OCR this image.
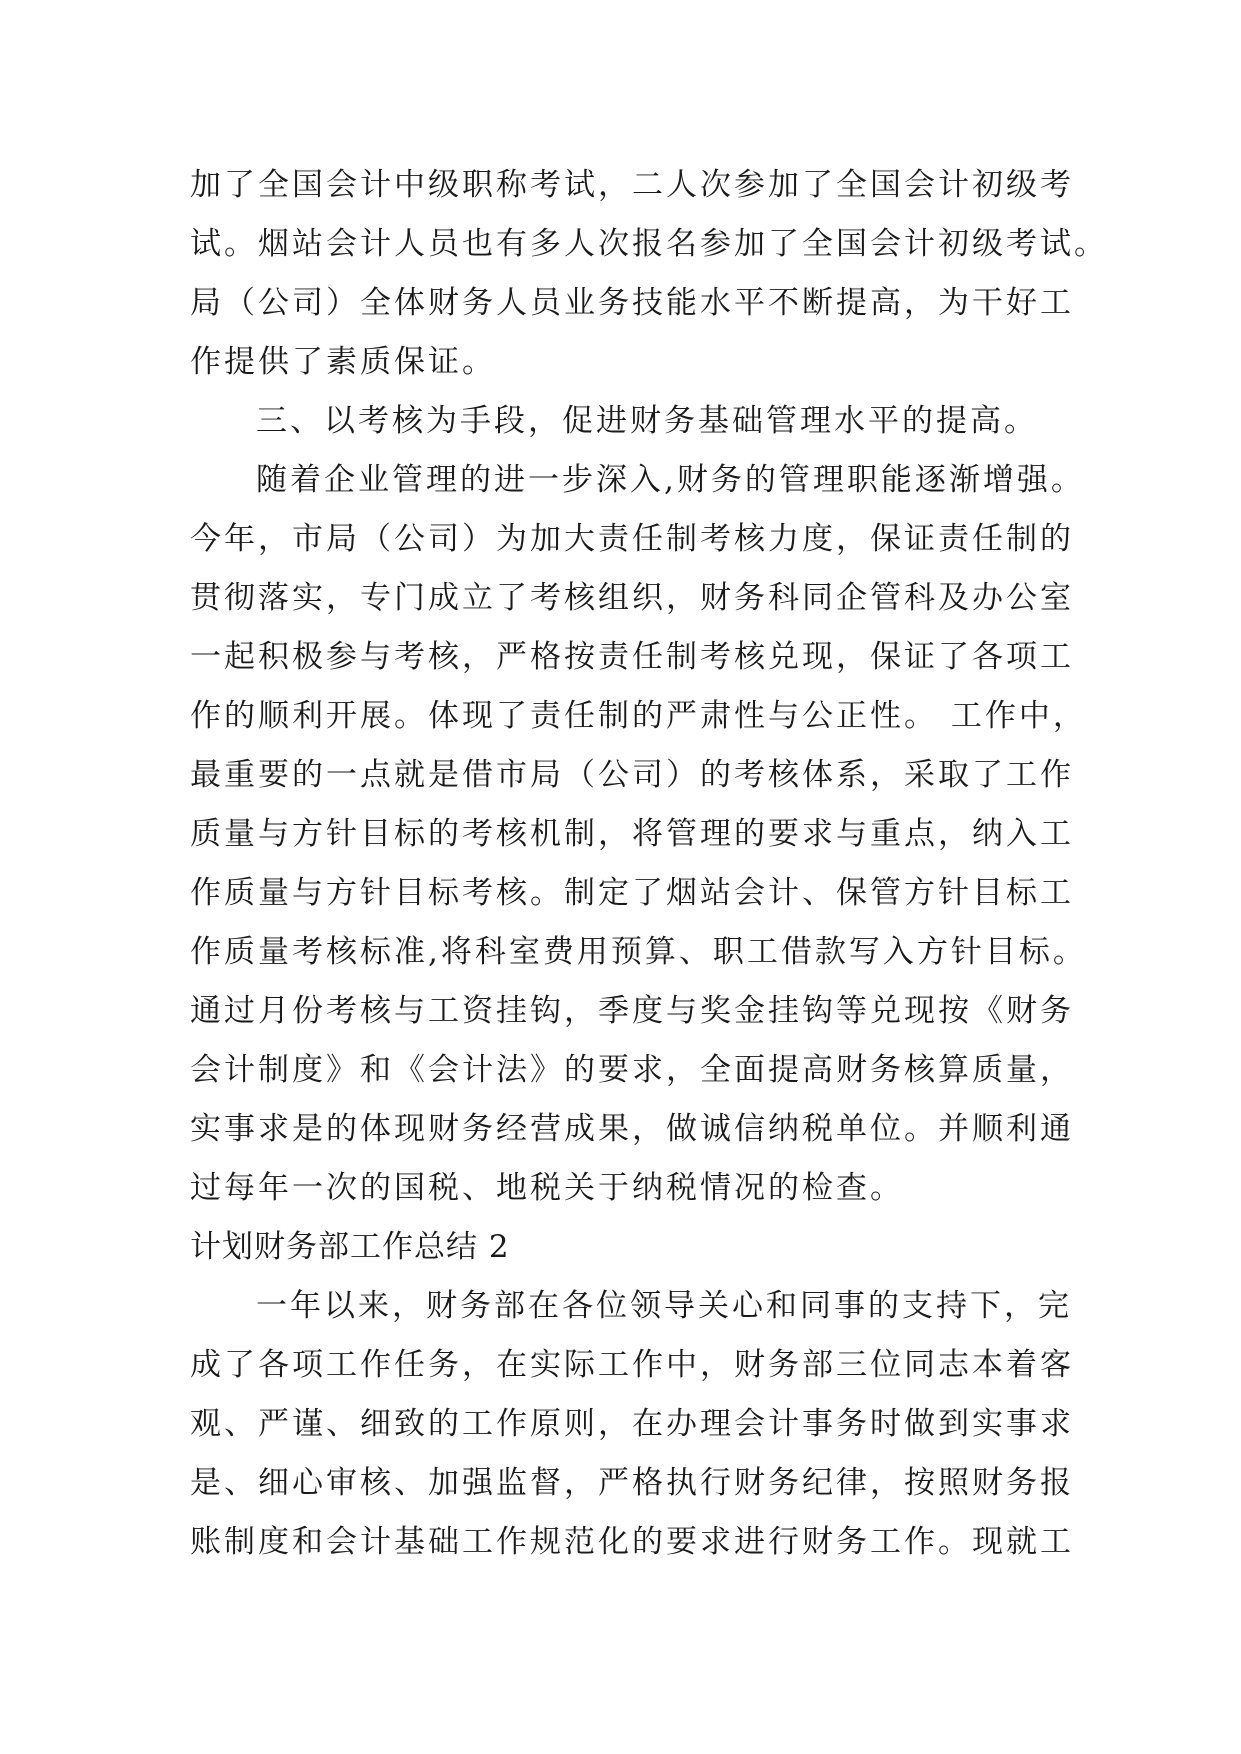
加了全国会计中级职称考试，二人次参加了全国会计初级考
试。烟站会计人员也有多人次报名参加了全国会计初级考试。
局（公司）全体财务人员业务技能水平不断提高，为干好工
作提供了素质保证。
三、以考核为手段，促进财务基础管理水平的提高。
随着企业管理的进一步深入,财务的管理职能逐渐增强。
今年，市局（公司）为加大责任制考核力度，保证责任制的
贯彻落实，专门成立了考核组织，财务科同企管科及办公室
一起积极参与考核，严格按责任制考核兑现，保证了各项工
作的顺利开展。体现了责任制的严肃性与公正性。 工作中，
最重要的一点就是借市局（公司）的考核体系，采取了工作
质量与方针目标的考核机制，将管理的要求与重点，纳入工
作质量与方针目标考核。制定了烟站会计、保管方针目标工
作质量考核标准,将科室费用预算、职工借款写入方针目标。
通过月份考核与工资挂钩，季度与奖金挂钩等兑现按《财务
会计制度》和《会计法》的要求，全面提高财务核算质量，
实事求是的体现财务经营成果，做诚信纳税单位。并顺利通
过每年一次的国税、地税关于纳税情况的检查。
计划财务部工作总结 2
一年以来，财务部在各位领导关心和同事的支持下，完
成了各项工作任务，在实际工作中，财务部三位同志本着客
观、严谨、细致的工作原则，在办理会计事务时做到实事求
是、细心审核、加强监督，严格执行财务纪律，按照财务报
账制度和会计基础工作规范化的要求进行财务工作。现就工
